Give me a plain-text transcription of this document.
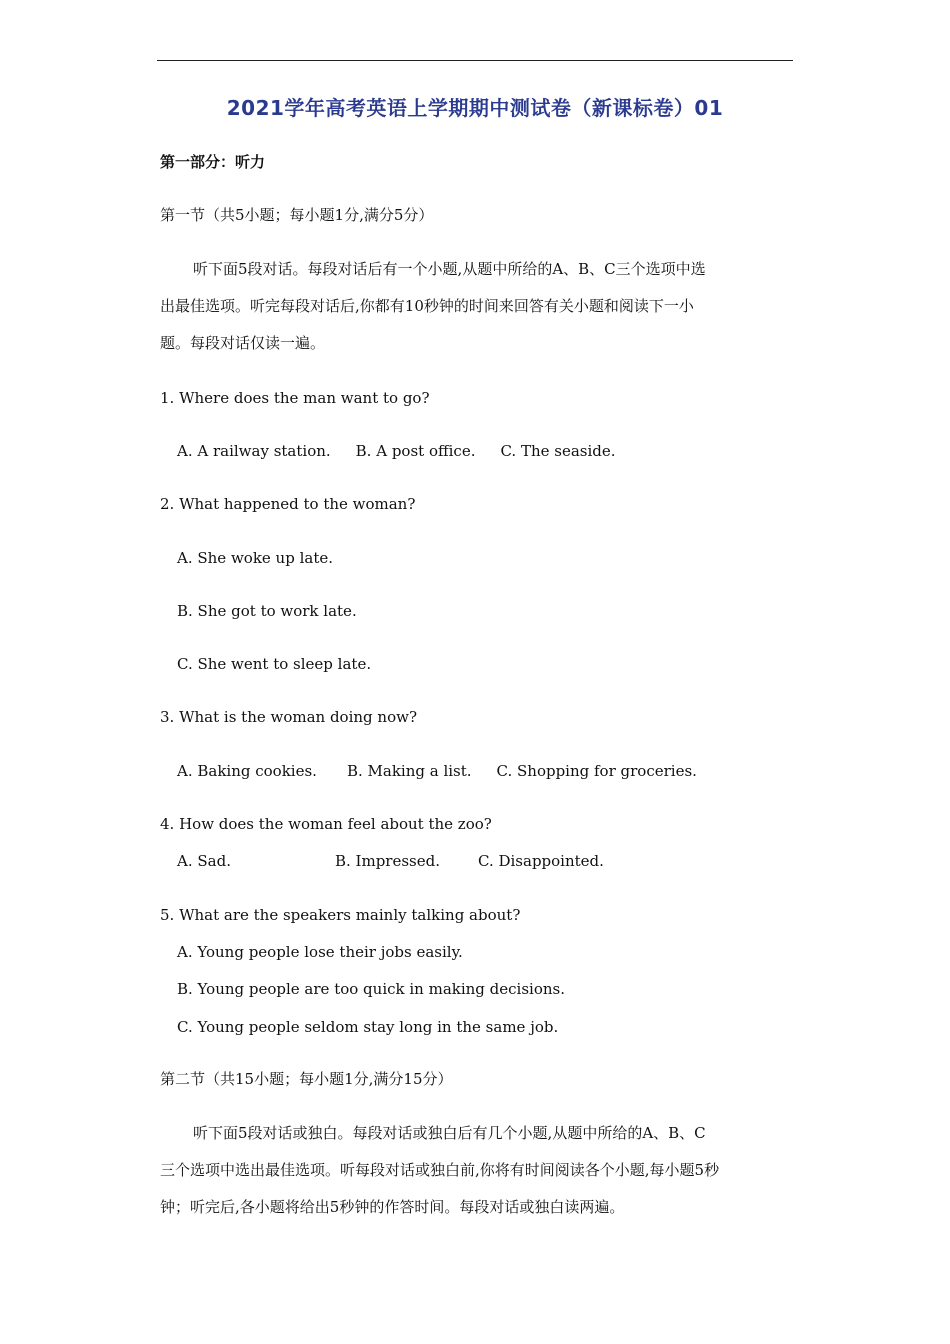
2021学年高考英语上学期期中测试卷（新课标卷）01
第一部分：听力
第一节（共5小题；每小题1分,满分5分）
听下面5段对话。每段对话后有一个小题,从题中所给的A、B、C三个选项中选
出最佳选项。听完每段对话后,你都有10秒钟的时间来回答有关小题和阅读下一小
题。每段对话仅读一遍。
1. Where does the man want to go?
A. A railway station. B. A post office. C. The seaside.
2. What happened to the woman?
A. She woke up late.
B. She got to work late.
C. She went to sleep late.
3. What is the woman doing now?
A. Baking cookies. B. Making a list. C. Shopping for groceries.
4. How does the woman feel about the zoo?
A. Sad.	B. Impressed.	C. Disappointed.
5. What are the speakers mainly talking about?
A. Young people lose their jobs easily.
B. Young people are too quick in making decisions.
C. Young people seldom stay long in the same job.
第二节（共15小题；每小题1分,满分15分）
听下面5段对话或独白。每段对话或独白后有几个小题,从题中所给的A、B、C
三个选项中选出最佳选项。听每段对话或独白前,你将有时间阅读各个小题,每小题5秒
钟；听完后,各小题将给出5秒钟的作答时间。每段对话或独白读两遍。
